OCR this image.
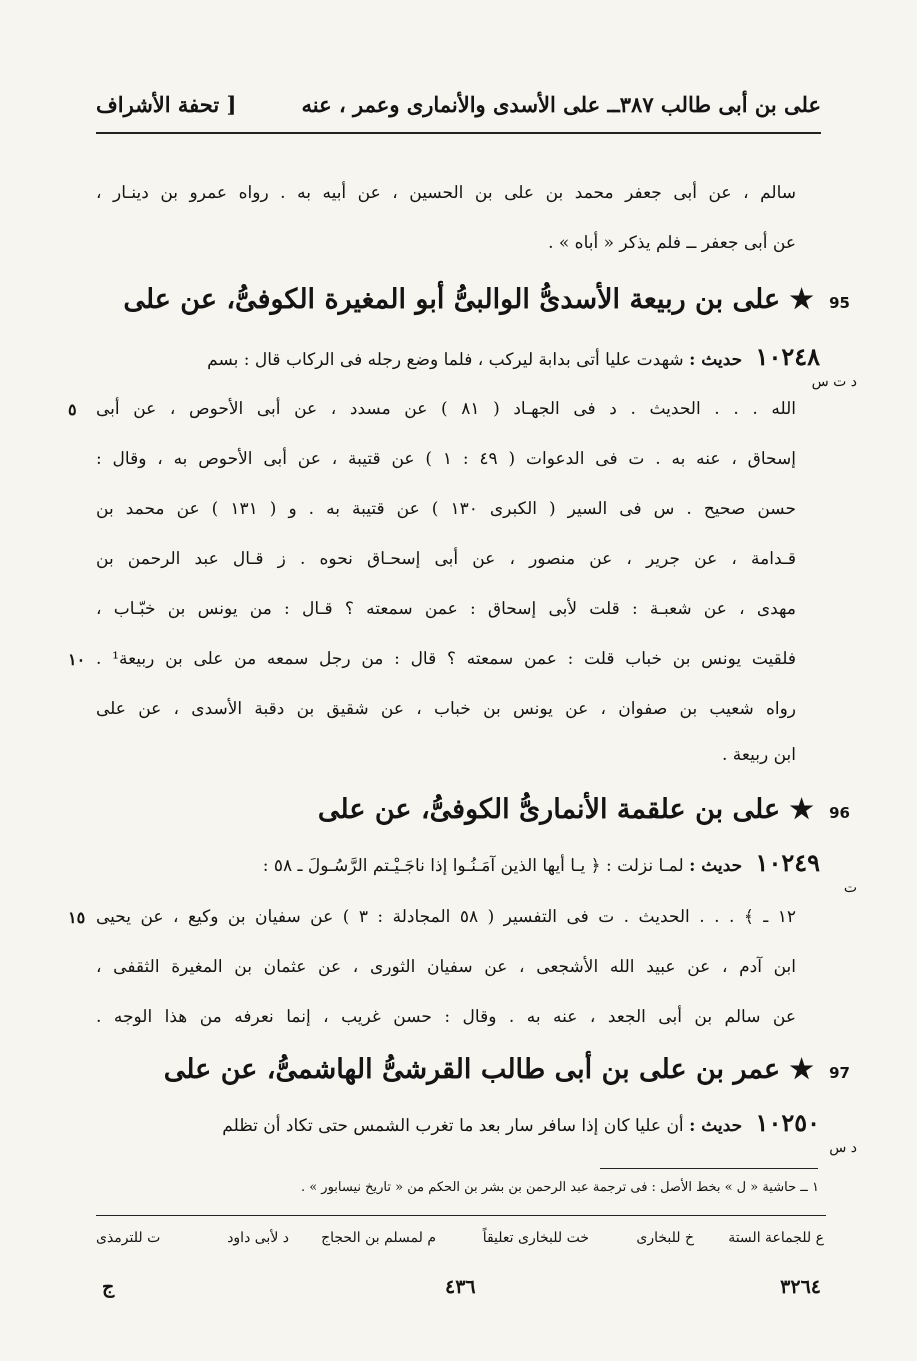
على بن أبى طالب ٣٨٧ــ على الأسدى والأنمارى وعمر ، عنه
[ تحفة الأشراف
سالم ، عن أبى جعفر محمد بن على بن الحسين ، عن أبيه به . رواه عمرو بن دينـار ،
عن أبى جعفر ــ فلم يذكر « أباه » .
95 ★ على بن ربيعة الأسدىُّ الوالبىُّ أبو المغيرة الكوفىُّ، عن على
١٠٢٤٨ حديث : شهدت عليا أتى بدابة ليركب ، فلما وضع رجله فى الركاب قال : بسم
د ت س
الله . . . الحديث . د فى الجهـاد ( ٨١ ) عن مسدد ، عن أبى الأحوص ، عن أبى
إسحاق ، عنه به . ت فى الدعوات ( ٤٩ : ١ ) عن قتيبة ، عن أبى الأحوص به ، وقال :
حسن صحيح . س فى السير ( الكبرى ١٣٠ ) عن قتيبة به . و ( ١٣١ ) عن محمد بن
قـدامة ، عن جرير ، عن منصور ، عن أبى إسحـاق نحوه . ز قـال عبد الرحمن بن
مهدى ، عن شعبـة : قلت لأبى إسحاق : عمن سمعته ؟ قـال : من يونس بن خبّـاب ،
فلقيت يونس بن خباب قلت : عمن سمعته ؟ قال : من رجل سمعه من على بن ربيعة¹ .
رواه شعيب بن صفوان ، عن يونس بن خباب ، عن شقيق بن دقبة الأسدى ، عن على
ابن ربيعة .
٥
١٠
96 ★ على بن علقمة الأنمارىُّ الكوفىُّ، عن على
١٠٢٤٩ حديث : لمـا نزلت : ﴿ يـا أيها الذين آمَـنُـوا إذا ناجَـيْـتم الرَّسُـولَ ـ ٥٨ :
ت
١٢ ـ ﴾ . . . الحديث . ت فى التفسير ( ٥٨ المجادلة : ٣ ) عن سفيان بن وكيع ، عن يحيى
ابن آدم ، عن عبيد الله الأشجعى ، عن سفيان الثورى ، عن عثمان بن المغيرة الثقفى ،
عن سالم بن أبى الجعد ، عنه به . وقال : حسن غريب ، إنما نعرفه من هذا الوجه .
١٥
97 ★ عمر بن على بن أبى طالب القرشىُّ الهاشمىُّ، عن على
١٠٢٥٠ حديث : أن عليا كان إذا سافر سار بعد ما تغرب الشمس حتى تكاد أن تظلم
د س
١ ــ حاشية « ل » بخط الأصل : فى ترجمة عبد الرحمن بن بشر بن الحكم من « تاريخ نيسابور » .
ع للجماعة الستة
خ للبخارى
خت للبخارى تعليقاً
م لمسلم بن الحجاج
د لأبى داود
ت للترمذى
٣٢٦٤
٤٣٦
ج
